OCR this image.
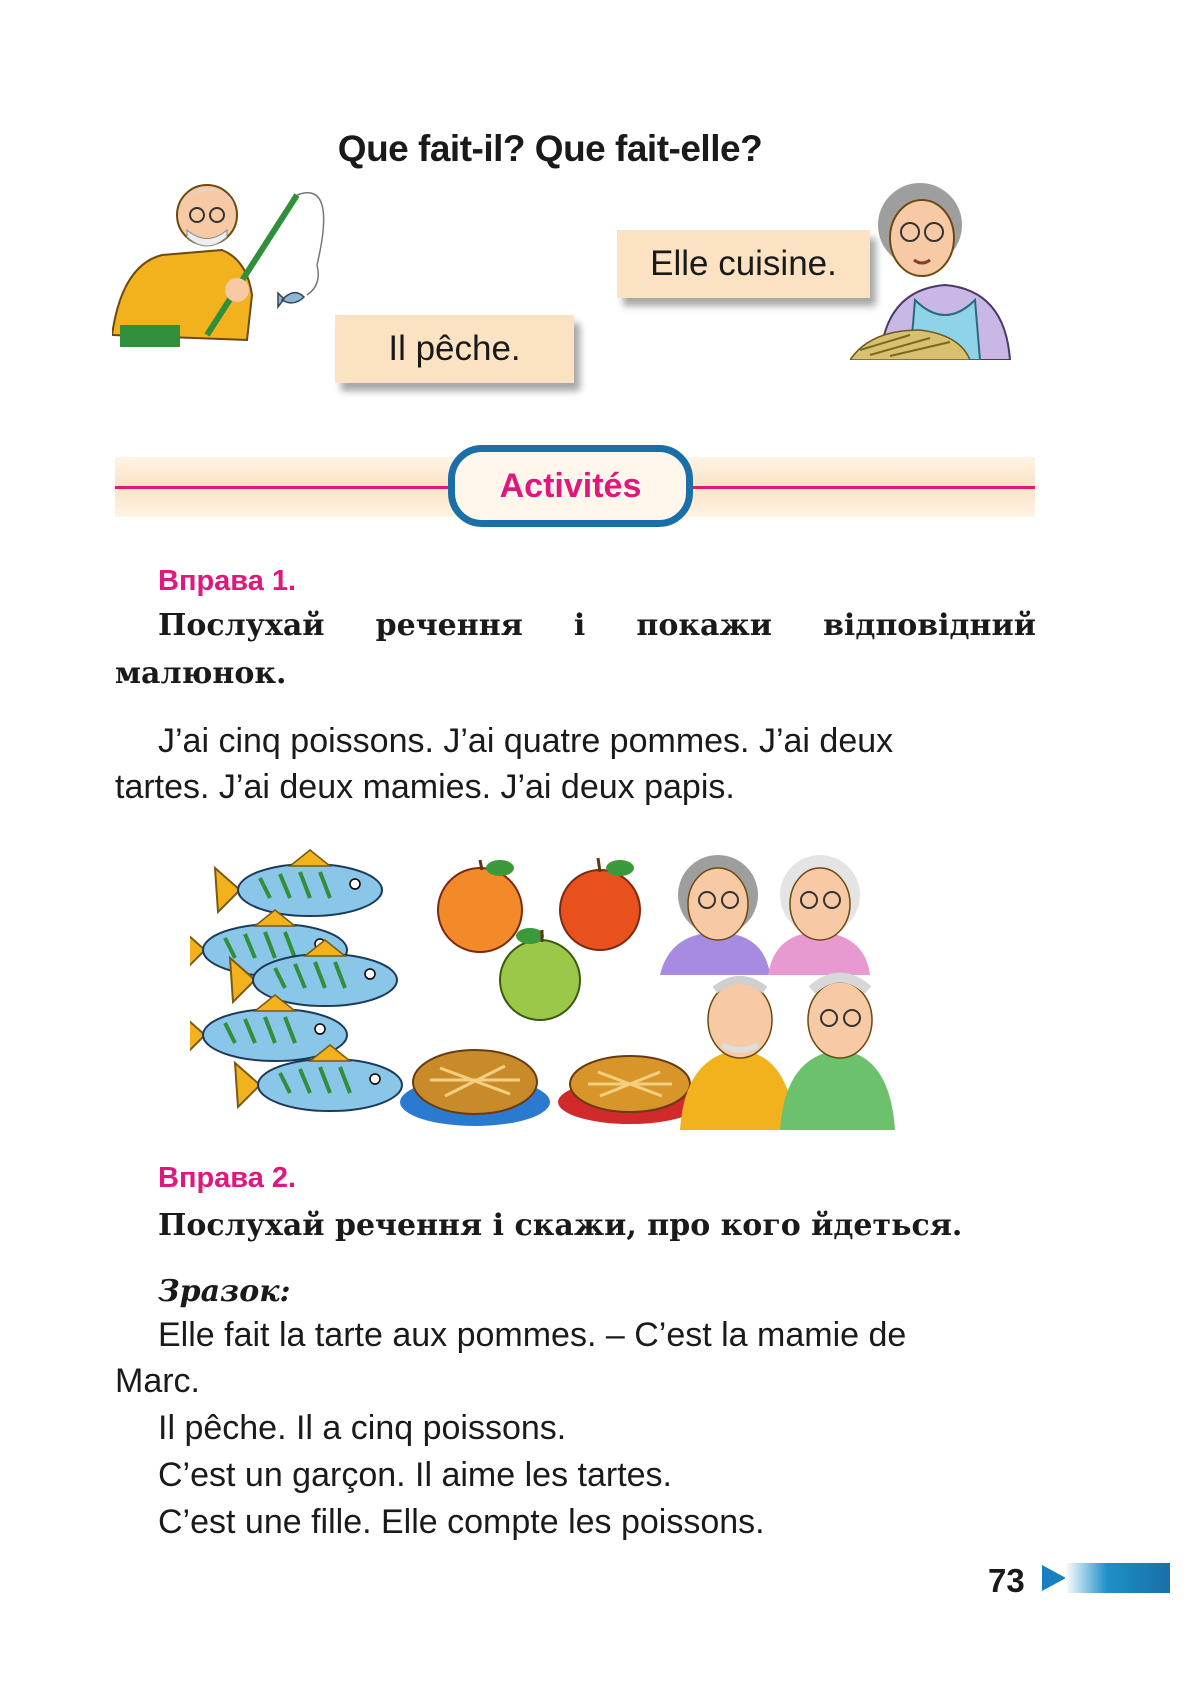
Que fait-il? Que fait-elle?
Elle cuisine.
Il pêche.
Activités
Вправа 1.
Послухай речення і покажи відповідний
малюнок.
J’ai cinq poissons. J’ai quatre pommes. J’ai deux
tartes. J’ai deux mamies. J’ai deux papis.
Вправа 2.
Послухай речення і скажи, про кого йдеться.
Зразок:
Elle fait la tarte aux pommes. – C’est la mamie de
Marc.
Il pêche. Il a cinq poissons.
C’est un garçon. Il aime les tartes.
C’est une fille. Elle compte les poissons.
73
